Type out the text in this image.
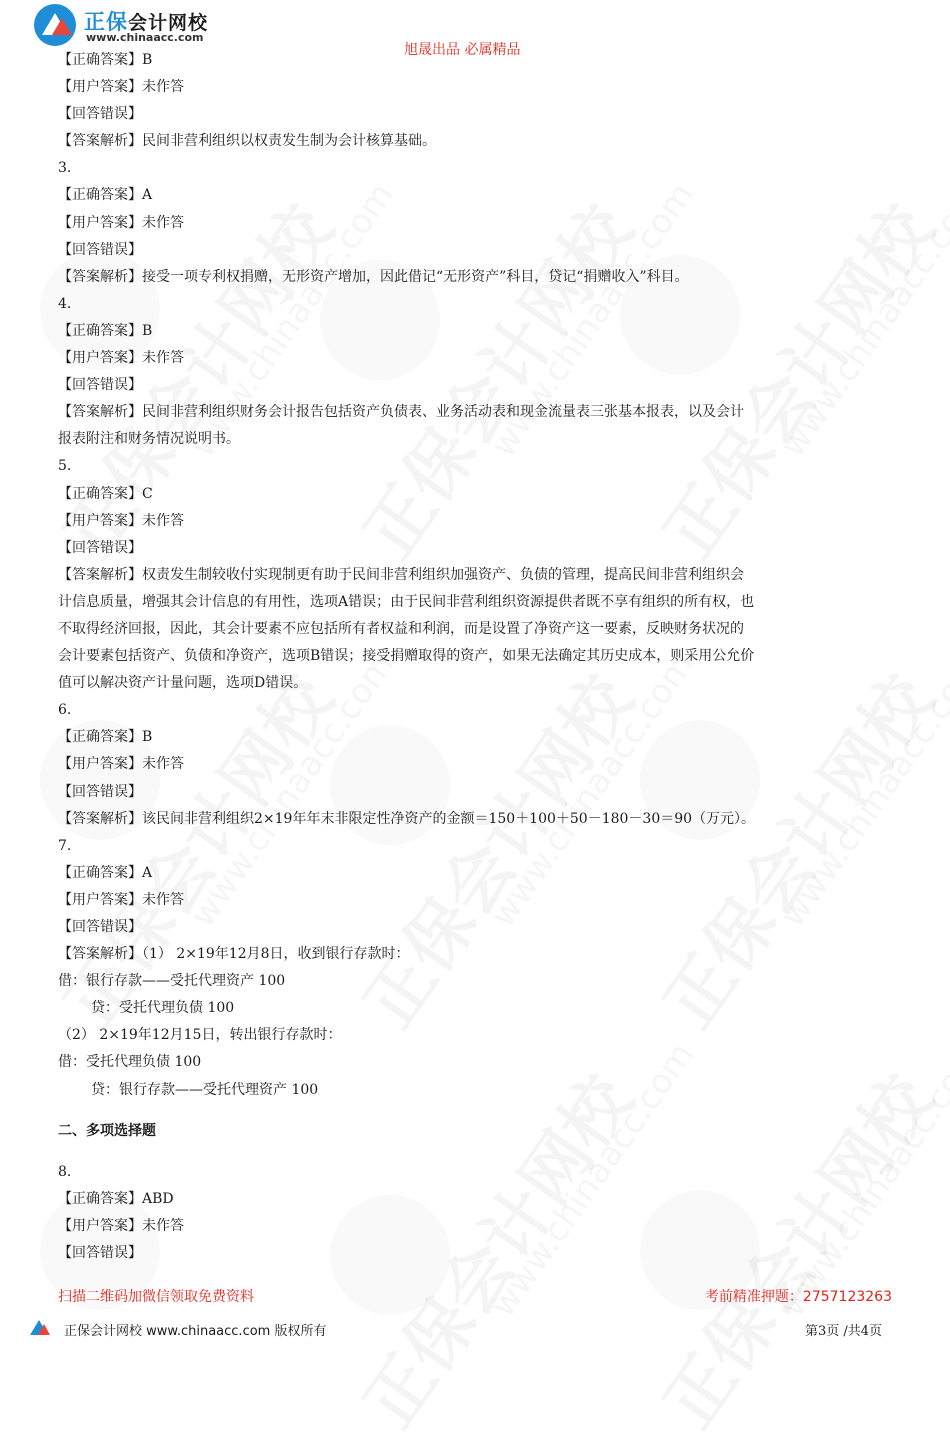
正保会计网校
www.chinaacc.com
旭晟出品 必属精品
【正确答案】B
【用户答案】未作答
【回答错误】
【答案解析】民间非营利组织以权责发生制为会计核算基础。
3.
【正确答案】A
【用户答案】未作答
【回答错误】
【答案解析】接受一项专利权捐赠，无形资产增加，因此借记“无形资产”科目，贷记“捐赠收入”科目。
4.
【正确答案】B
【用户答案】未作答
【回答错误】
【答案解析】民间非营利组织财务会计报告包括资产负债表、业务活动表和现金流量表三张基本报表，以及会计
报表附注和财务情况说明书。
5.
【正确答案】C
【用户答案】未作答
【回答错误】
【答案解析】权责发生制较收付实现制更有助于民间非营利组织加强资产、负债的管理，提高民间非营利组织会
计信息质量，增强其会计信息的有用性，选项A错误；由于民间非营利组织资源提供者既不享有组织的所有权，也
不取得经济回报，因此，其会计要素不应包括所有者权益和利润，而是设置了净资产这一要素，反映财务状况的
会计要素包括资产、负债和净资产，选项B错误；接受捐赠取得的资产，如果无法确定其历史成本，则采用公允价
值可以解决资产计量问题，选项D错误。
6.
【正确答案】B
【用户答案】未作答
【回答错误】
【答案解析】该民间非营利组织2×19年年末非限定性净资产的金额＝150＋100＋50－180－30＝90（万元）。
7.
【正确答案】A
【用户答案】未作答
【回答错误】
【答案解析】（1） 2×19年12月8日，收到银行存款时：
借：银行存款——受托代理资产 100
贷：受托代理负债 100
（2） 2×19年12月15日，转出银行存款时：
借：受托代理负债 100
贷：银行存款——受托代理资产 100
二、多项选择题
8.
【正确答案】ABD
【用户答案】未作答
【回答错误】
扫描二维码加微信领取免费资料	考前精准押题：2757123263
正保会计网校 www.chinaacc.com 版权所有	第3页 /共4页
